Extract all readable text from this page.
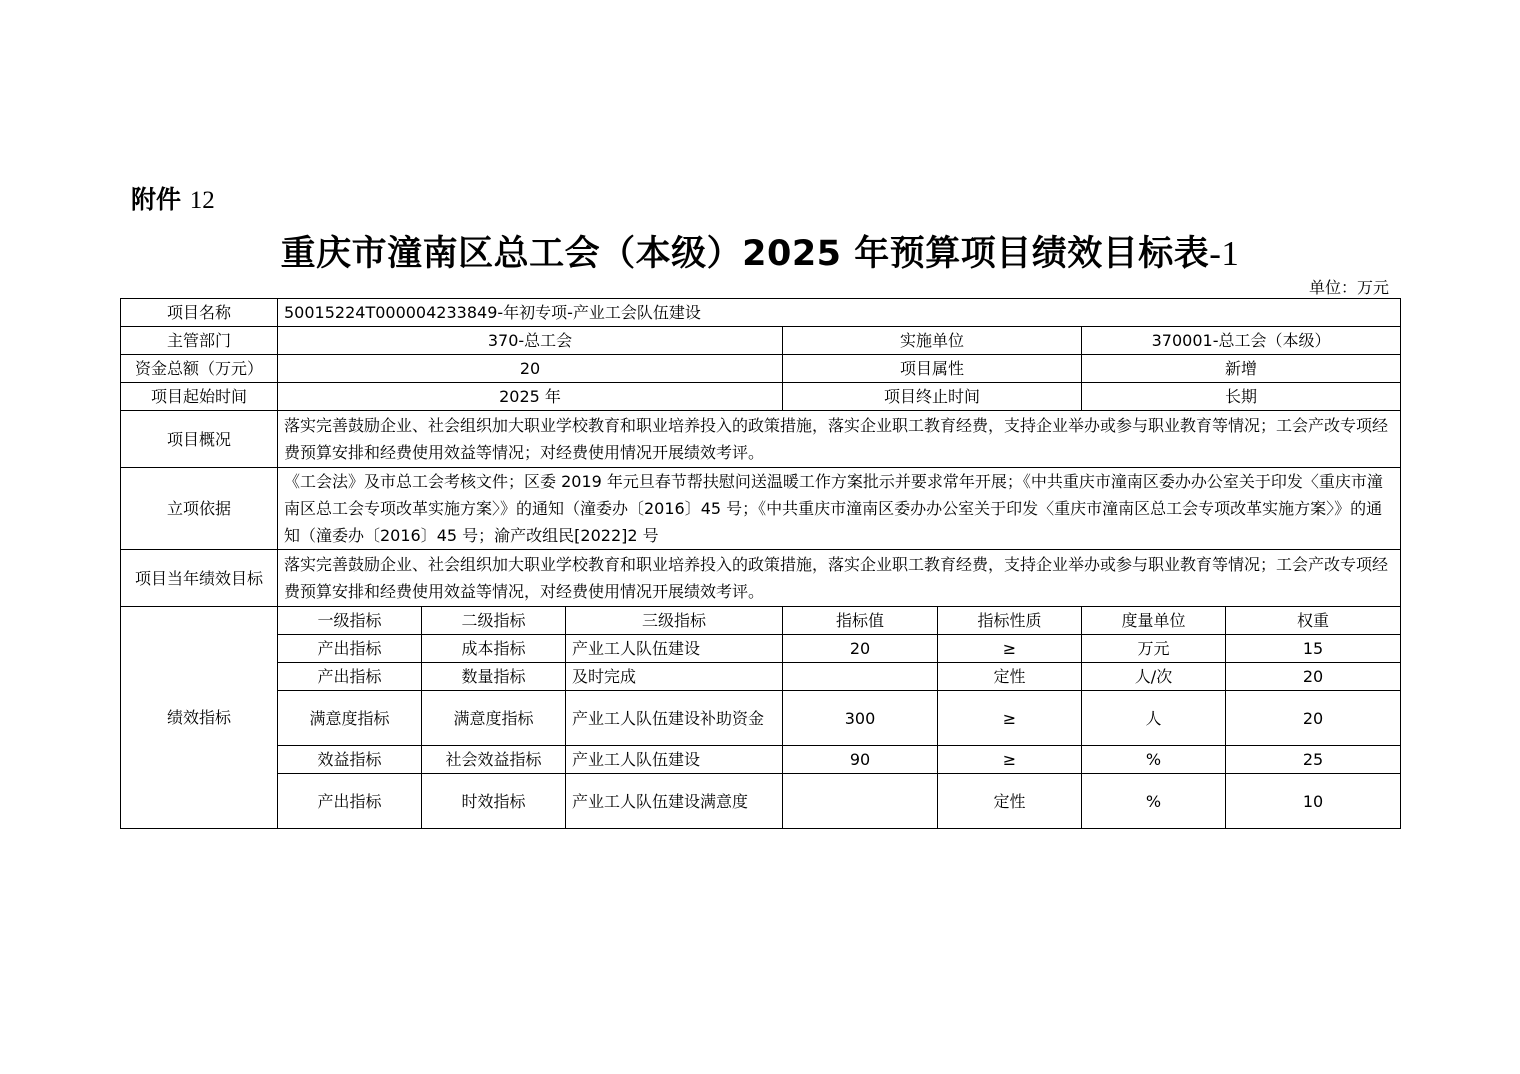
附件 12
重庆市潼南区总工会（本级）2025 年预算项目绩效目标表-1
单位：万元
项目名称	50015224T000004233849-年初专项-产业工会队伍建设						
主管部门	370-总工会			实施单位		370001-总工会（本级）	
资金总额（万元）	20			项目属性		新增	
项目起始时间	2025 年			项目终止时间		长期	
项目概况	落实完善鼓励企业、社会组织加大职业学校教育和职业培养投入的政策措施，落实企业职工教育经费，支持企业举办或参与职业教育等情况；工会产改专项经费预算安排和经费使用效益等情况；对经费使用情况开展绩效考评。						
立项依据	《工会法》及市总工会考核文件；区委 2019 年元旦春节帮扶慰问送温暖工作方案批示并要求常年开展；《中共重庆市潼南区委办办公室关于印发〈重庆市潼南区总工会专项改革实施方案〉》的通知（潼委办〔2016〕45 号；《中共重庆市潼南区委办办公室关于印发〈重庆市潼南区总工会专项改革实施方案〉》的通知（潼委办〔2016〕45 号；渝产改组民[2022]2 号						
项目当年绩效目标	落实完善鼓励企业、社会组织加大职业学校教育和职业培养投入的政策措施，落实企业职工教育经费，支持企业举办或参与职业教育等情况；工会产改专项经费预算安排和经费使用效益等情况，对经费使用情况开展绩效考评。						
绩效指标	一级指标	二级指标	三级指标	指标值	指标性质	度量单位	权重
	产出指标	成本指标	产业工人队伍建设	20	≥	万元	15
	产出指标	数量指标	及时完成		定性	人/次	20
	满意度指标	满意度指标	产业工人队伍建设补助资金	300	≥	人	20
	效益指标	社会效益指标	产业工人队伍建设	90	≥	%	25
	产出指标	时效指标	产业工人队伍建设满意度		定性	%	10
